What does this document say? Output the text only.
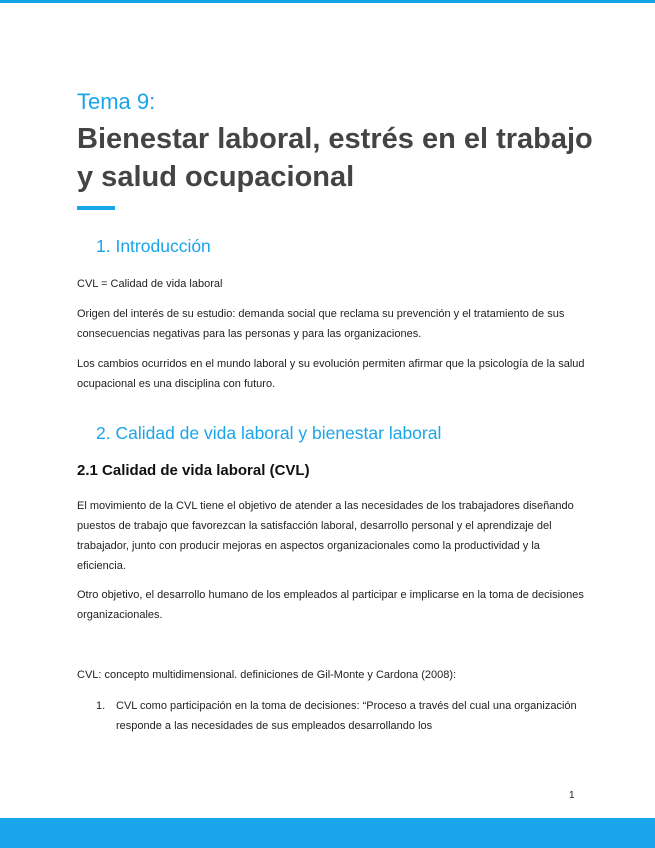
Tema 9:

Bienestar laboral, estrés en el trabajo y salud ocupacional
1. Introducción

CVL = Calidad de vida laboral

Origen del interés de su estudio: demanda social que reclama su prevención y el tratamiento de sus consecuencias negativas para las personas y para las organizaciones.

Los cambios ocurridos en el mundo laboral y su evolución permiten afirmar que la psicología de la salud ocupacional es una disciplina con futuro.

2. Calidad de vida laboral y bienestar laboral
2.1 Calidad de vida laboral (CVL)

El movimiento de la CVL tiene el objetivo de atender a las necesidades de los trabajadores diseñando puestos de trabajo que favorezcan la satisfacción laboral, desarrollo personal y el aprendizaje del trabajador, junto con producir mejoras en aspectos organizacionales como la productividad y la eficiencia.

Otro objetivo, el desarrollo humano de los empleados al participar e implicarse en la toma de decisiones organizacionales.

CVL: concepto multidimensional. definiciones de Gil-Monte y Cardona (2008):

1. CVL como participación en la toma de decisiones: “Proceso a través del cual una organización responde a las necesidades de sus empleados desarrollando los
1
